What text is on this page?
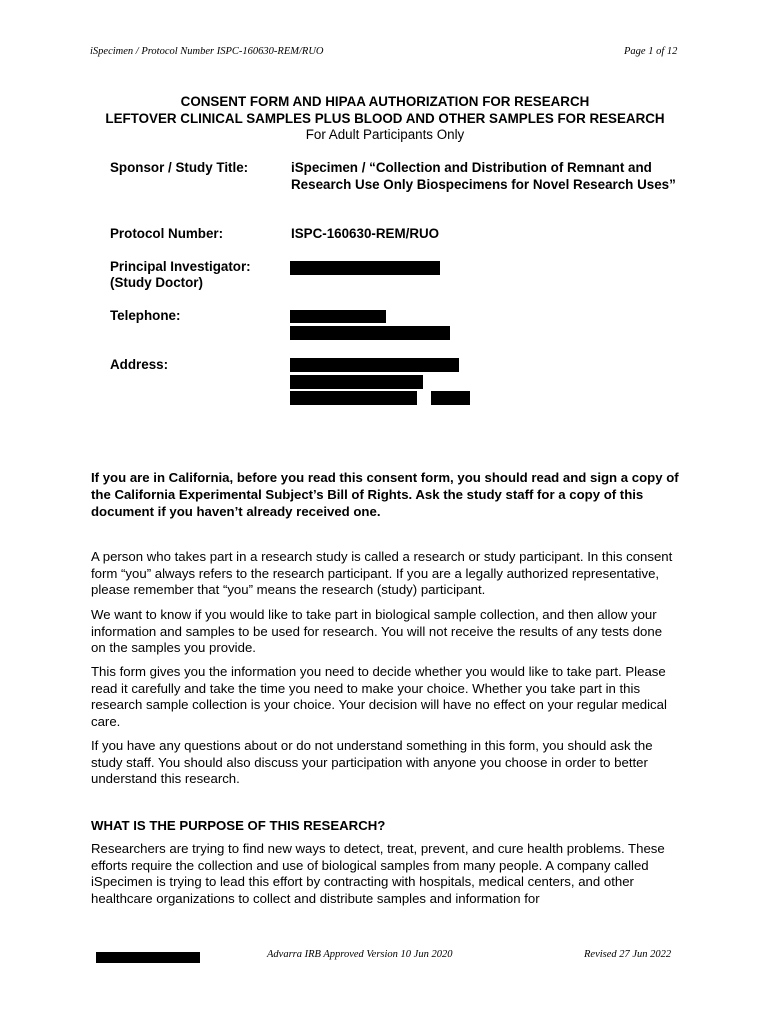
iSpecimen / Protocol Number ISPC-160630-REM/RUO	Page 1 of 12
CONSENT FORM AND HIPAA AUTHORIZATION FOR RESEARCH
LEFTOVER CLINICAL SAMPLES PLUS BLOOD AND OTHER SAMPLES FOR RESEARCH
For Adult Participants Only
Sponsor / Study Title:	iSpecimen / “Collection and Distribution of Remnant and Research Use Only Biospecimens for Novel Research Uses”
Protocol Number:	ISPC-160630-REM/RUO
Principal Investigator:
(Study Doctor)
Telephone:
Address:
If you are in California, before you read this consent form, you should read and sign a copy of the California Experimental Subject’s Bill of Rights. Ask the study staff for a copy of this document if you haven’t already received one.
A person who takes part in a research study is called a research or study participant. In this consent form “you” always refers to the research participant. If you are a legally authorized representative, please remember that “you” means the research (study) participant.
We want to know if you would like to take part in biological sample collection, and then allow your information and samples to be used for research. You will not receive the results of any tests done on the samples you provide.
This form gives you the information you need to decide whether you would like to take part. Please read it carefully and take the time you need to make your choice. Whether you take part in this research sample collection is your choice. Your decision will have no effect on your regular medical care.
If you have any questions about or do not understand something in this form, you should ask the study staff. You should also discuss your participation with anyone you choose in order to better understand this research.
WHAT IS THE PURPOSE OF THIS RESEARCH?
Researchers are trying to find new ways to detect, treat, prevent, and cure health problems. These efforts require the collection and use of biological samples from many people. A company called iSpecimen is trying to lead this effort by contracting with hospitals, medical centers, and other healthcare organizations to collect and distribute samples and information for
Advarra IRB Approved Version 10 Jun 2020	Revised 27 Jun 2022
